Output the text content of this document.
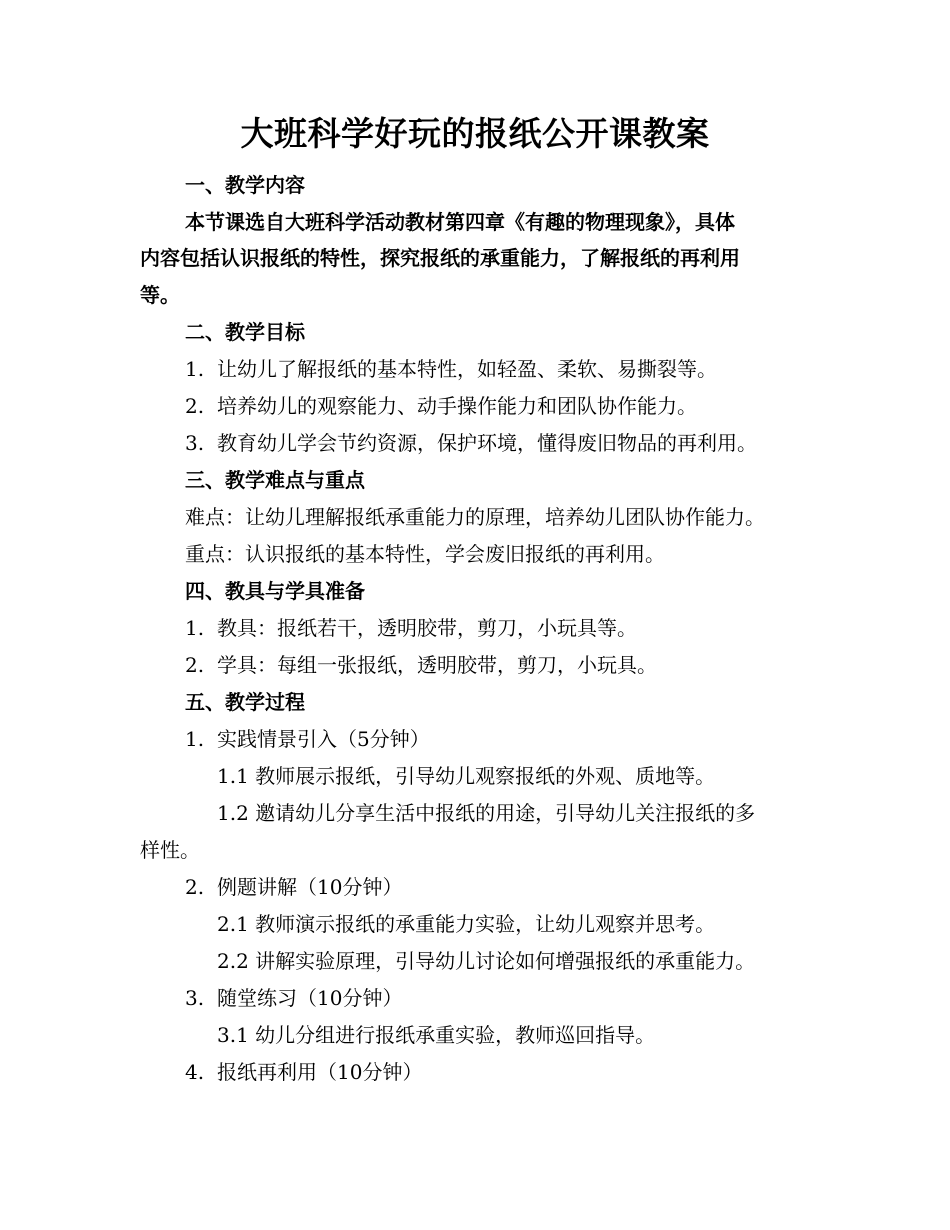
大班科学好玩的报纸公开课教案
一、教学内容
本节课选自大班科学活动教材第四章《有趣的物理现象》，具体
内容包括认识报纸的特性，探究报纸的承重能力，了解报纸的再利用
等。
二、教学目标
1. 让幼儿了解报纸的基本特性，如轻盈、柔软、易撕裂等。
2. 培养幼儿的观察能力、动手操作能力和团队协作能力。
3. 教育幼儿学会节约资源，保护环境，懂得废旧物品的再利用。
三、教学难点与重点
难点：让幼儿理解报纸承重能力的原理，培养幼儿团队协作能力。
重点：认识报纸的基本特性，学会废旧报纸的再利用。
四、教具与学具准备
1. 教具：报纸若干，透明胶带，剪刀，小玩具等。
2. 学具：每组一张报纸，透明胶带，剪刀，小玩具。
五、教学过程
1. 实践情景引入（5分钟）
1.1 教师展示报纸，引导幼儿观察报纸的外观、质地等。
1.2 邀请幼儿分享生活中报纸的用途，引导幼儿关注报纸的多
样性。
2. 例题讲解（10分钟）
2.1 教师演示报纸的承重能力实验，让幼儿观察并思考。
2.2 讲解实验原理，引导幼儿讨论如何增强报纸的承重能力。
3. 随堂练习（10分钟）
3.1 幼儿分组进行报纸承重实验，教师巡回指导。
4. 报纸再利用（10分钟）
